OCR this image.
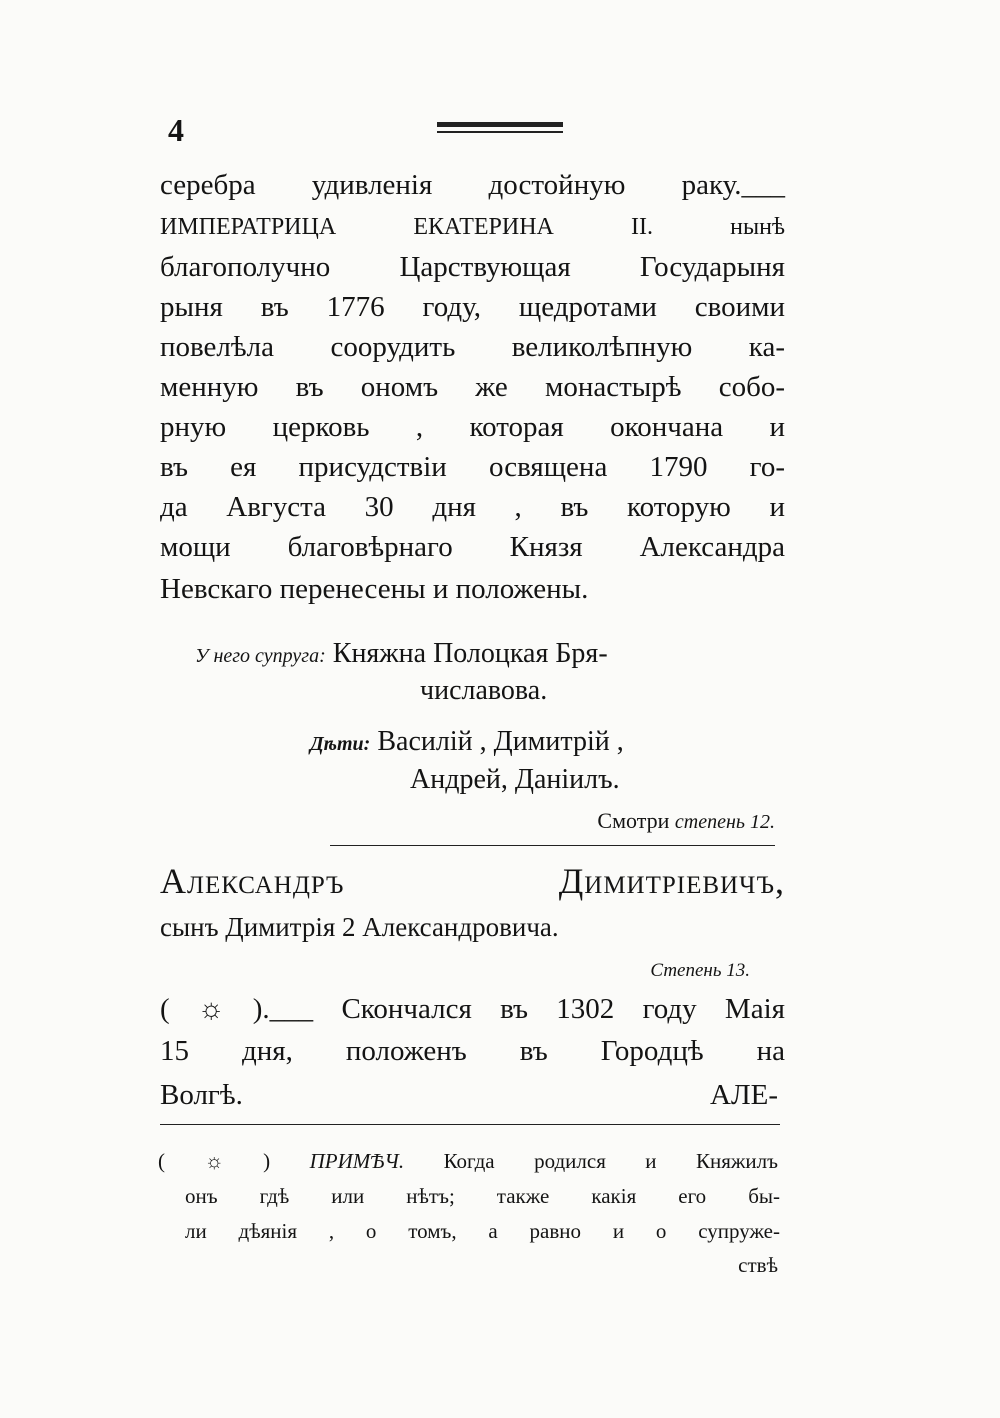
4
серебра удивленія достойную раку.___
ИМПЕРАТРИЦА ЕКАТЕРИНА II. нынѣ
благополучно Царствующая Государыня
рыня въ 1776 году, щедротами своими
повелѣла соорудить великолѣпную ка-
менную въ ономъ же монастырѣ собо-
рную церковь , которая окончана и
въ ея присудствіи освящена 1790 го-
да Августа 30 дня , въ которую и
мощи благовѣрнаго Князя Александра
Невскаго перенесены и положены.
У него супруга: Княжна Полоцкая Бря-
числавова.
Дѣти: Василій , Димитрій ,
Андрей, Даніилъ.
Смотри степень 12.
Александръ Димитріевичъ,
сынъ Димитрія 2 Александровича.
Степень 13.
( ☼ ).___ Скончался въ 1302 году Маія
15 дня, положенъ въ Городцѣ на
Волгѣ.	АЛЕ-
( ☼ ) ПРИМѢЧ. Когда родился и Княжилъ
онъ гдѣ или нѣтъ; также какія его бы-
ли дѣянія , о томъ, а равно и о супруже-
ствѣ
